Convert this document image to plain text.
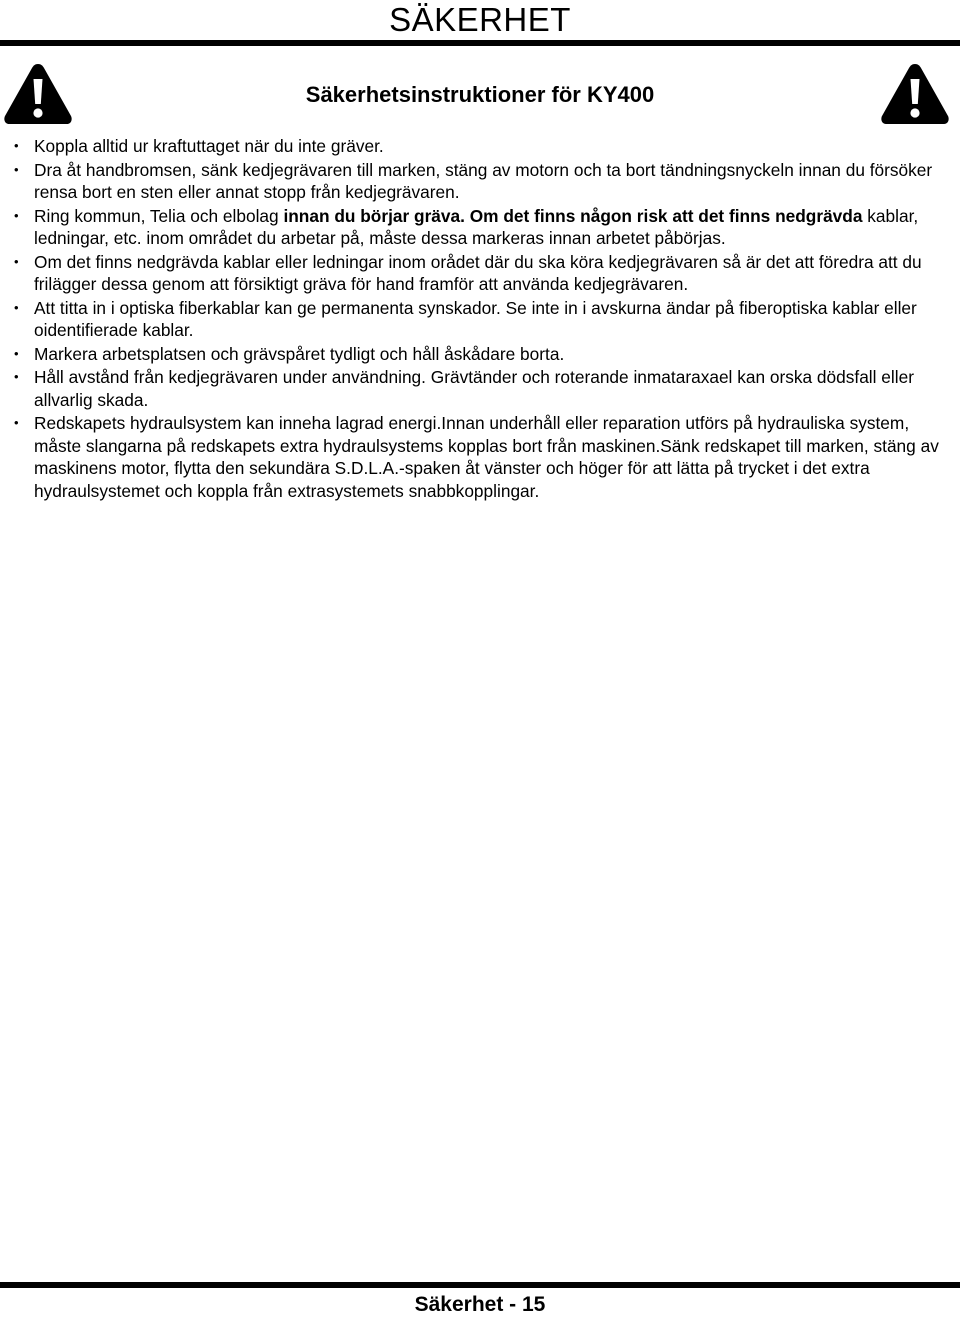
SÄKERHET
Säkerhetsinstruktioner för KY400
• Koppla alltid ur kraftuttaget när du inte gräver.
• Dra åt handbromsen, sänk kedjegrävaren till marken, stäng av motorn och ta bort tändningsnyckeln innan du försöker rensa bort en sten eller annat stopp från kedjegrävaren.
• Ring kommun, Telia och elbolag innan du börjar gräva. Om det finns någon risk att det finns nedgrävda kablar, ledningar, etc. inom området du arbetar på, måste dessa markeras innan arbetet påbörjas.
• Om det finns nedgrävda kablar eller ledningar inom orådet där du ska köra kedjegrävaren så är det att föredra att du frilägger dessa genom att försiktigt gräva för hand framför att använda kedjegrävaren.
• Att titta in i optiska fiberkablar kan ge permanenta synskador. Se inte in i avskurna ändar på fiberoptiska kablar eller oidentifierade kablar.
• Markera arbetsplatsen och grävspåret tydligt och håll åskådare borta.
• Håll avstånd från kedjegrävaren under användning. Grävtänder och roterande inmataraxael kan orska dödsfall eller allvarlig skada.
• Redskapets hydraulsystem kan inneha lagrad energi.Innan underhåll eller reparation utförs på hydrauliska system, måste slangarna på redskapets extra hydraulsystems kopplas bort från maskinen.Sänk redskapet till marken, stäng av maskinens motor, flytta den sekundära S.D.L.A.-spaken åt vänster och höger för att lätta på trycket i det extra hydraulsystemet och koppla från extrasystemets snabbkopplingar.
Säkerhet - 15
